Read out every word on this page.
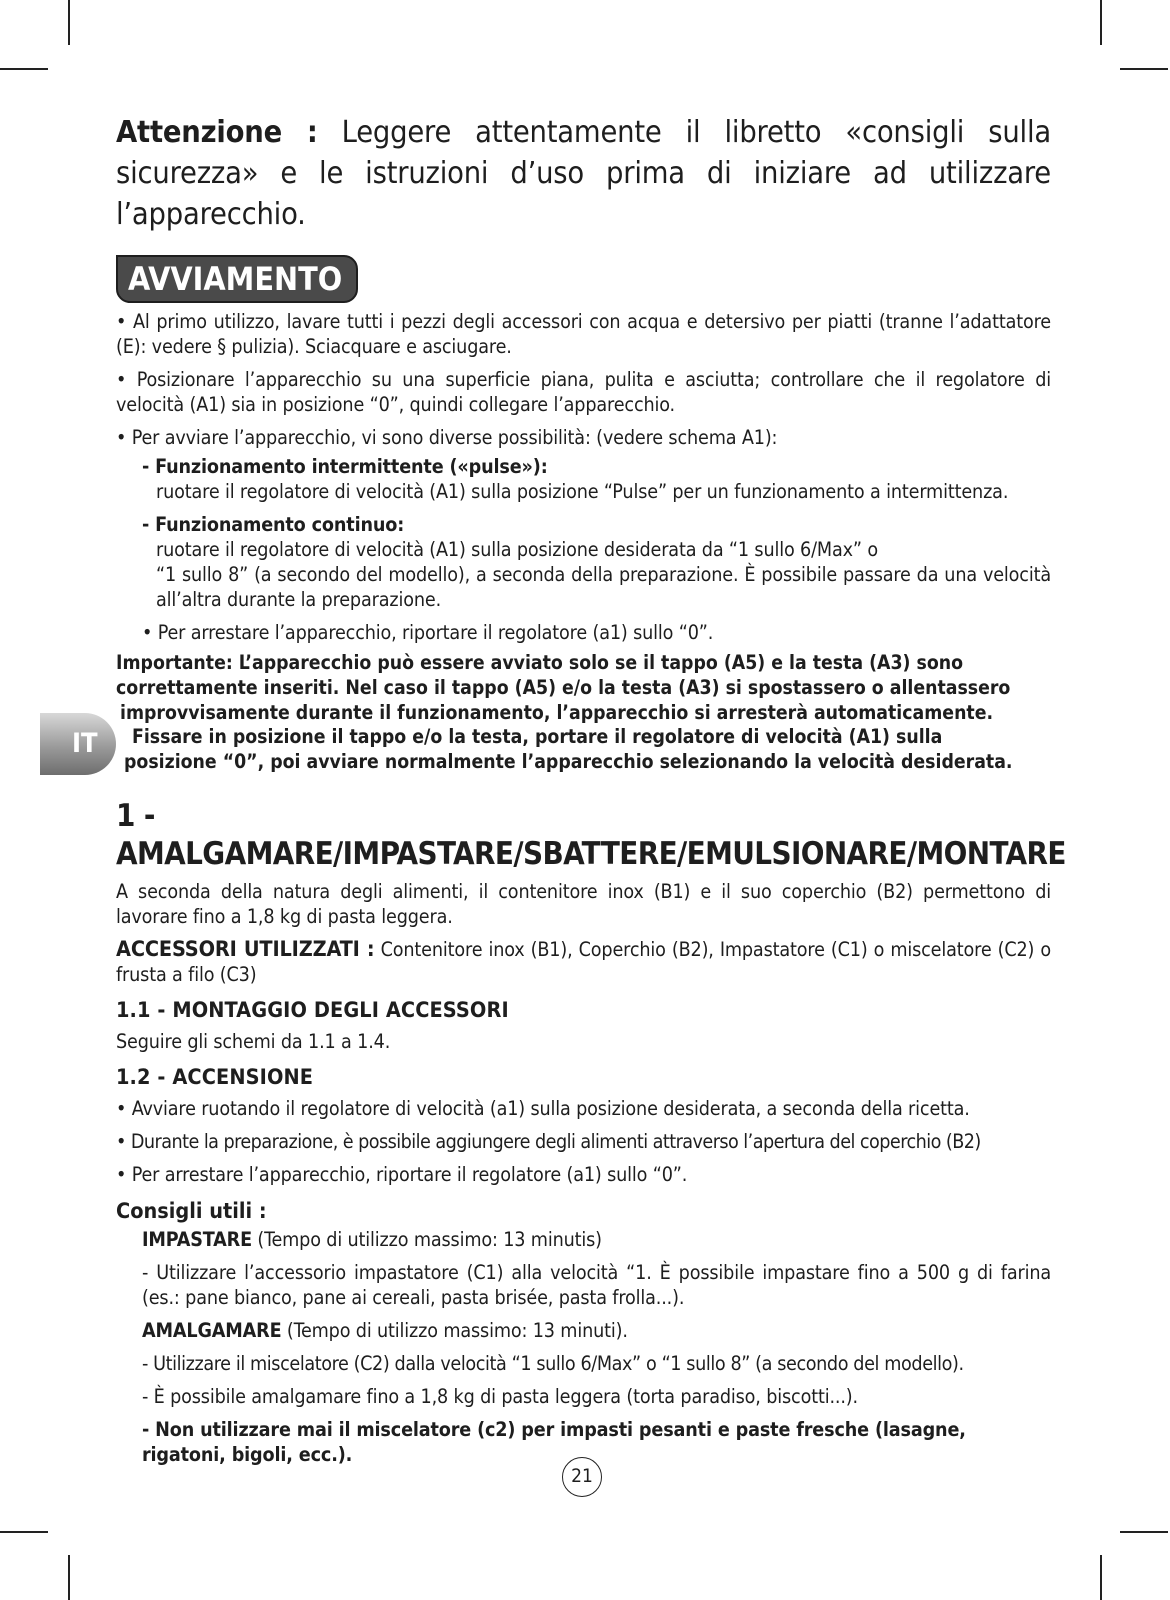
IT

Attenzione : Leggere attentamente il libretto «consigli sulla sicurezza» e le istruzioni d’uso prima di iniziare ad utilizzare l’apparecchio.

AVVIAMENTO

• Al primo utilizzo, lavare tutti i pezzi degli accessori con acqua e detersivo per piatti (tranne l’adattatore (E): vedere § pulizia). Sciacquare e asciugare.

• Posizionare l’apparecchio su una superficie piana, pulita e asciutta; controllare che il regolatore di velocità (A1) sia in posizione “0”, quindi collegare l’apparecchio.

• Per avviare l’apparecchio, vi sono diverse possibilità: (vedere schema A1):

- Funzionamento intermittente («pulse»):

ruotare il regolatore di velocità (A1) sulla posizione “Pulse” per un funzionamento a intermittenza.

- Funzionamento continuo:

ruotare il regolatore di velocità (A1) sulla posizione desiderata da “1 sullo 6/Max” o

“1 sullo 8” (a secondo del modello), a seconda della preparazione. È possibile passare da una velocità all’altra durante la preparazione.

• Per arrestare l’apparecchio, riportare il regolatore (a1) sullo “0”.

Importante: L’apparecchio può essere avviato solo se il tappo (A5) e la testa (A3) sono
correttamente inseriti. Nel caso il tappo (A5) e/o la testa (A3) si spostassero o allentassero
improvvisamente durante il funzionamento, l’apparecchio si arresterà automaticamente.
Fissare in posizione il tappo e/o la testa, portare il regolatore di velocità (A1) sulla
posizione “0”, poi avviare normalmente l’apparecchio selezionando la velocità desiderata.
1 - AMALGAMARE/IMPASTARE/SBATTERE/EMULSIONARE/MONTARE

A seconda della natura degli alimenti, il contenitore inox (B1) e il suo coperchio (B2) permettono di lavorare fino a 1,8 kg di pasta leggera.

ACCESSORI UTILIZZATI : Contenitore inox (B1), Coperchio (B2), Impastatore (C1) o miscelatore (C2) o frusta a filo (C3)

1.1 - MONTAGGIO DEGLI ACCESSORI

Seguire gli schemi da 1.1 a 1.4.

1.2 - ACCENSIONE

• Avviare ruotando il regolatore di velocità (a1) sulla posizione desiderata, a seconda della ricetta.

• Durante la preparazione, è possibile aggiungere degli alimenti attraverso l’apertura del coperchio (B2)

• Per arrestare l’apparecchio, riportare il regolatore (a1) sullo “0”.

Consigli utili :

IMPASTARE (Tempo di utilizzo massimo: 13 minutis)

- Utilizzare l’accessorio impastatore (C1) alla velocità “1. È possibile impastare fino a 500 g di farina (es.: pane bianco, pane ai cereali, pasta brisée, pasta frolla...).

AMALGAMARE (Tempo di utilizzo massimo: 13 minuti).

- Utilizzare il miscelatore (C2) dalla velocità “1 sullo 6/Max” o “1 sullo 8” (a secondo del modello).

- È possibile amalgamare fino a 1,8 kg di pasta leggera (torta paradiso, biscotti...).

- Non utilizzare mai il miscelatore (c2) per impasti pesanti e paste fresche (lasagne, rigatoni, bigoli, ecc.).

21
